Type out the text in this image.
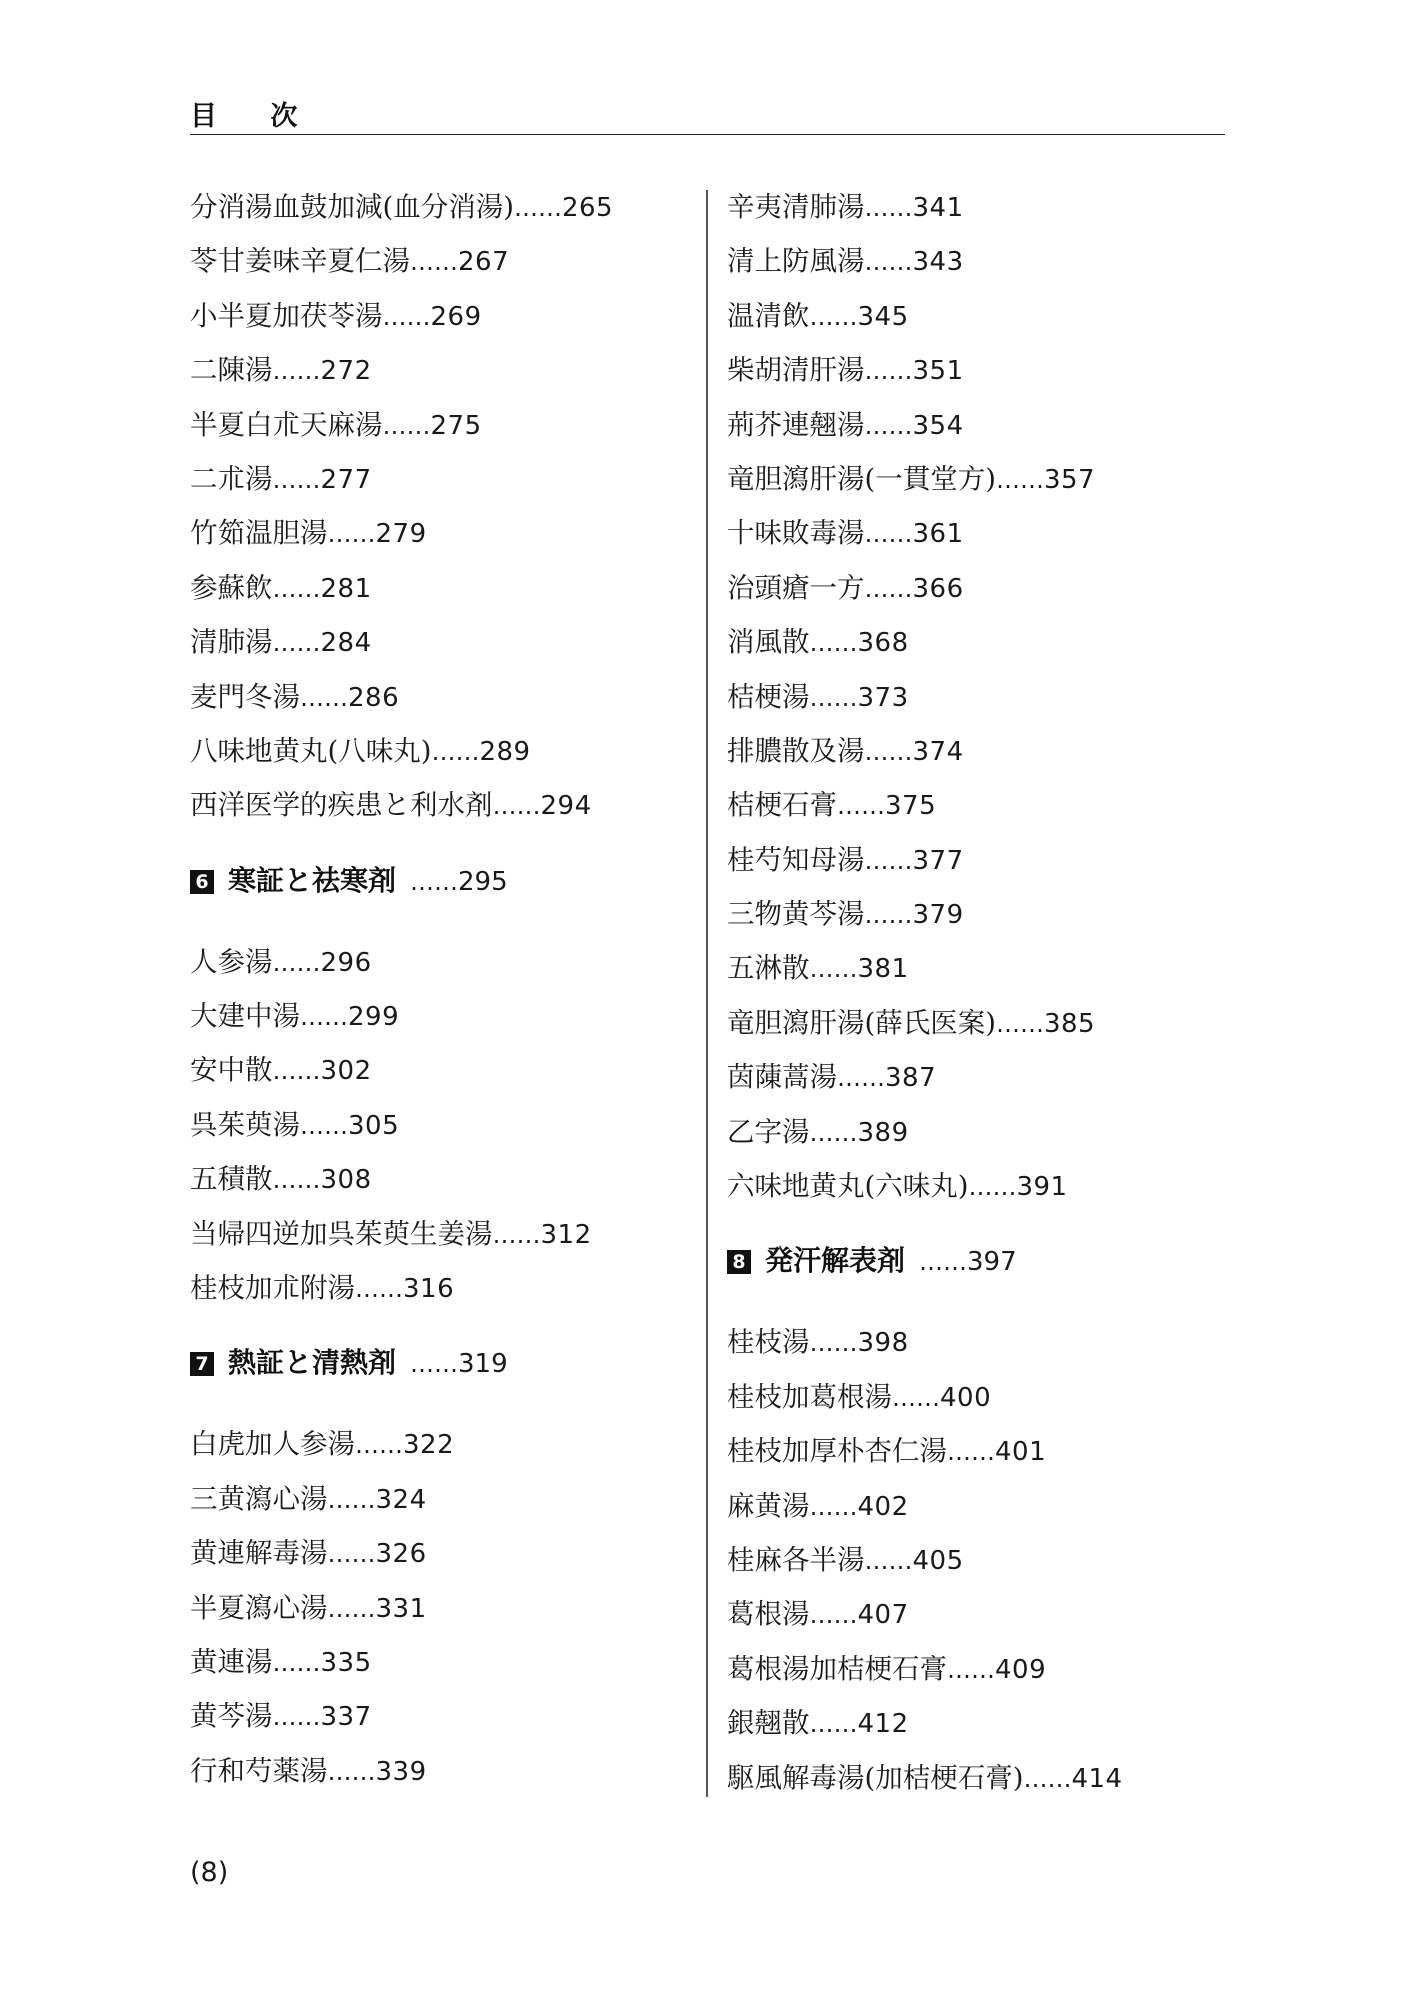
目 次
分消湯血鼓加減(血分消湯)……265
苓甘姜味辛夏仁湯……267
小半夏加茯苓湯……269
二陳湯……272
半夏白朮天麻湯……275
二朮湯……277
竹筎温胆湯……279
参蘇飲……281
清肺湯……284
麦門冬湯……286
八味地黄丸(八味丸)……289
西洋医学的疾患と利水剤……294
6 寒証と祛寒剤 ……295
人参湯……296
大建中湯……299
安中散……302
呉茱萸湯……305
五積散……308
当帰四逆加呉茱萸生姜湯……312
桂枝加朮附湯……316
7 熱証と清熱剤 ……319
白虎加人参湯……322
三黄瀉心湯……324
黄連解毒湯……326
半夏瀉心湯……331
黄連湯……335
黄芩湯……337
行和芍薬湯……339
辛夷清肺湯……341
清上防風湯……343
温清飲……345
柴胡清肝湯……351
荊芥連翹湯……354
竜胆瀉肝湯(一貫堂方)……357
十味敗毒湯……361
治頭瘡一方……366
消風散……368
桔梗湯……373
排膿散及湯……374
桔梗石膏……375
桂芍知母湯……377
三物黄芩湯……379
五淋散……381
竜胆瀉肝湯(薛氏医案)……385
茵蔯蒿湯……387
乙字湯……389
六味地黄丸(六味丸)……391
8 発汗解表剤 ……397
桂枝湯……398
桂枝加葛根湯……400
桂枝加厚朴杏仁湯……401
麻黄湯……402
桂麻各半湯……405
葛根湯……407
葛根湯加桔梗石膏……409
銀翹散……412
駆風解毒湯(加桔梗石膏)……414
(8)
